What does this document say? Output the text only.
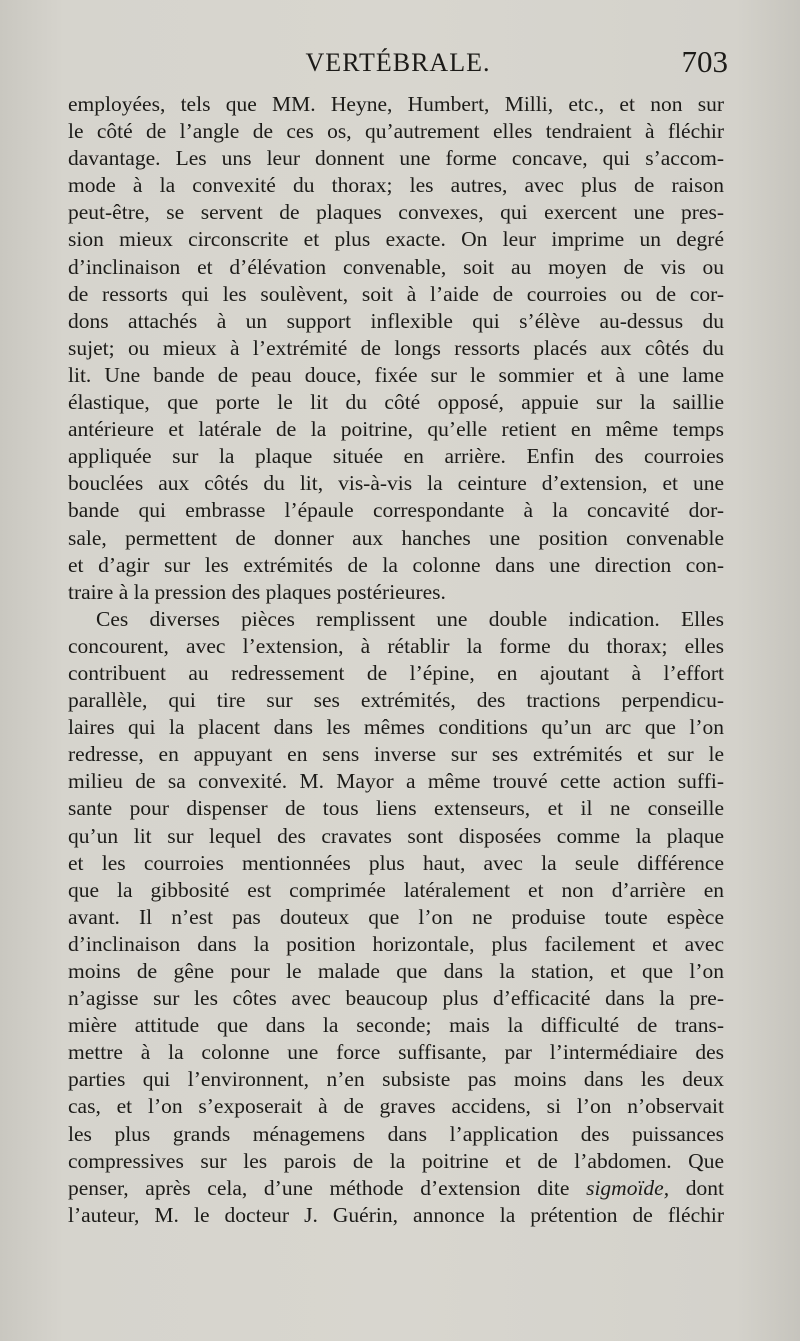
VERTÉBRALE.	703
employées, tels que MM. Heyne, Humbert, Milli, etc., et non sur
le côté de l’angle de ces os, qu’autrement elles tendraient à fléchir
davantage. Les uns leur donnent une forme concave, qui s’accom-
mode à la convexité du thorax; les autres, avec plus de raison
peut-être, se servent de plaques convexes, qui exercent une pres-
sion mieux circonscrite et plus exacte. On leur imprime un degré
d’inclinaison et d’élévation convenable, soit au moyen de vis ou
de ressorts qui les soulèvent, soit à l’aide de courroies ou de cor-
dons attachés à un support inflexible qui s’élève au-dessus du
sujet; ou mieux à l’extrémité de longs ressorts placés aux côtés du
lit. Une bande de peau douce, fixée sur le sommier et à une lame
élastique, que porte le lit du côté opposé, appuie sur la saillie
antérieure et latérale de la poitrine, qu’elle retient en même temps
appliquée sur la plaque située en arrière. Enfin des courroies
bouclées aux côtés du lit, vis-à-vis la ceinture d’extension, et une
bande qui embrasse l’épaule correspondante à la concavité dor-
sale, permettent de donner aux hanches une position convenable
et d’agir sur les extrémités de la colonne dans une direction con-
traire à la pression des plaques postérieures.
Ces diverses pièces remplissent une double indication. Elles
concourent, avec l’extension, à rétablir la forme du thorax; elles
contribuent au redressement de l’épine, en ajoutant à l’effort
parallèle, qui tire sur ses extrémités, des tractions perpendicu-
laires qui la placent dans les mêmes conditions qu’un arc que l’on
redresse, en appuyant en sens inverse sur ses extrémités et sur le
milieu de sa convexité. M. Mayor a même trouvé cette action suffi-
sante pour dispenser de tous liens extenseurs, et il ne conseille
qu’un lit sur lequel des cravates sont disposées comme la plaque
et les courroies mentionnées plus haut, avec la seule différence
que la gibbosité est comprimée latéralement et non d’arrière en
avant. Il n’est pas douteux que l’on ne produise toute espèce
d’inclinaison dans la position horizontale, plus facilement et avec
moins de gêne pour le malade que dans la station, et que l’on
n’agisse sur les côtes avec beaucoup plus d’efficacité dans la pre-
mière attitude que dans la seconde; mais la difficulté de trans-
mettre à la colonne une force suffisante, par l’intermédiaire des
parties qui l’environnent, n’en subsiste pas moins dans les deux
cas, et l’on s’exposerait à de graves accidens, si l’on n’observait
les plus grands ménagemens dans l’application des puissances
compressives sur les parois de la poitrine et de l’abdomen. Que
penser, après cela, d’une méthode d’extension dite sigmoïde, dont
l’auteur, M. le docteur J. Guérin, annonce la prétention de fléchir
